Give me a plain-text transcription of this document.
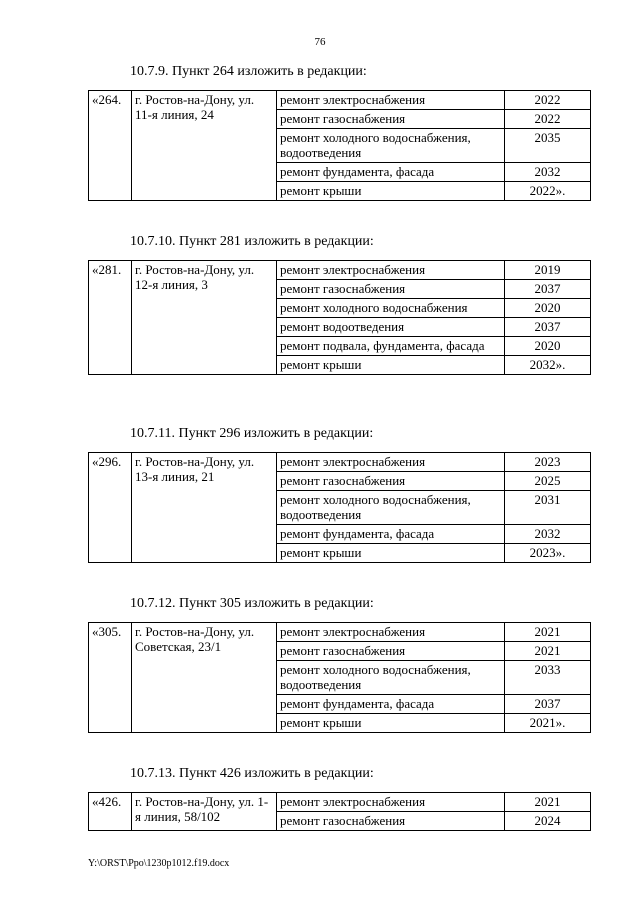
76
10.7.9. Пункт 264 изложить в редакции:
«264.	г. Ростов-на-Дону, ул. 11-я линия, 24	ремонт электроснабжения	2022
		ремонт газоснабжения	2022
		ремонт холодного водоснабжения, водоотведения	2035
		ремонт фундамента, фасада	2032
		ремонт крыши	2022».
10.7.10. Пункт 281 изложить в редакции:
«281.	г. Ростов-на-Дону, ул. 12-я линия, 3	ремонт электроснабжения	2019
		ремонт газоснабжения	2037
		ремонт холодного водоснабжения	2020
		ремонт водоотведения	2037
		ремонт подвала, фундамента, фасада	2020
		ремонт крыши	2032».
10.7.11. Пункт 296 изложить в редакции:
«296.	г. Ростов-на-Дону, ул. 13-я линия, 21	ремонт электроснабжения	2023
		ремонт газоснабжения	2025
		ремонт холодного водоснабжения, водоотведения	2031
		ремонт фундамента, фасада	2032
		ремонт крыши	2023».
10.7.12. Пункт 305 изложить в редакции:
«305.	г. Ростов-на-Дону, ул. Советская, 23/1	ремонт электроснабжения	2021
		ремонт газоснабжения	2021
		ремонт холодного водоснабжения, водоотведения	2033
		ремонт фундамента, фасада	2037
		ремонт крыши	2021».
10.7.13. Пункт 426 изложить в редакции:
«426.	г. Ростов-на-Дону, ул. 1-я линия, 58/102	ремонт электроснабжения	2021
		ремонт газоснабжения	2024
Y:\ORST\Ppo\1230p1012.f19.docx
